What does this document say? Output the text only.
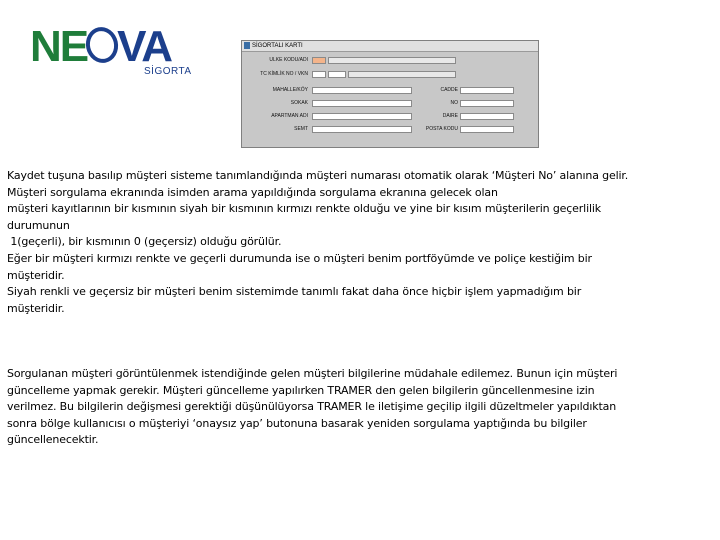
NE VA
SİGORTA
SİGORTALI KARTI
ULKE KODU/ADI
TC KİMLİK NO / VKN
MAHALLE/KÖY	CADDE
SOKAK	NO
APARTMAN ADI	DAIRE
SEMT	POSTA KODU
Kaydet tuşuna basılıp müşteri sisteme tanımlandığında müşteri numarası otomatik olarak ‘Müşteri No’ alanına gelir.
Müşteri sorgulama ekranında isimden arama yapıldığında sorgulama ekranına gelecek olan
müşteri kayıtlarının bir kısmının siyah bir kısmının kırmızı renkte olduğu ve yine bir kısım müşterilerin geçerlilik
durumunun
1(geçerli), bir kısmının 0 (geçersiz) olduğu görülür.
Eğer bir müşteri kırmızı renkte ve geçerli durumunda ise o müşteri benim portföyümde ve poliçe kestiğim bir
müşteridir.
Siyah renkli ve geçersiz bir müşteri benim sistemimde tanımlı fakat daha önce hiçbir işlem yapmadığım bir
müşteridir.
Sorgulanan müşteri görüntülenmek istendiğinde gelen müşteri bilgilerine müdahale edilemez. Bunun için müşteri
güncelleme yapmak gerekir. Müşteri güncelleme yapılırken TRAMER den gelen bilgilerin güncellenmesine izin
verilmez. Bu bilgilerin değişmesi gerektiği düşünülüyorsa TRAMER le iletişime geçilip ilgili düzeltmeler yapıldıktan
sonra bölge kullanıcısı o müşteriyi ‘onaysız yap’ butonuna basarak yeniden sorgulama yaptığında bu bilgiler
güncellenecektir.
